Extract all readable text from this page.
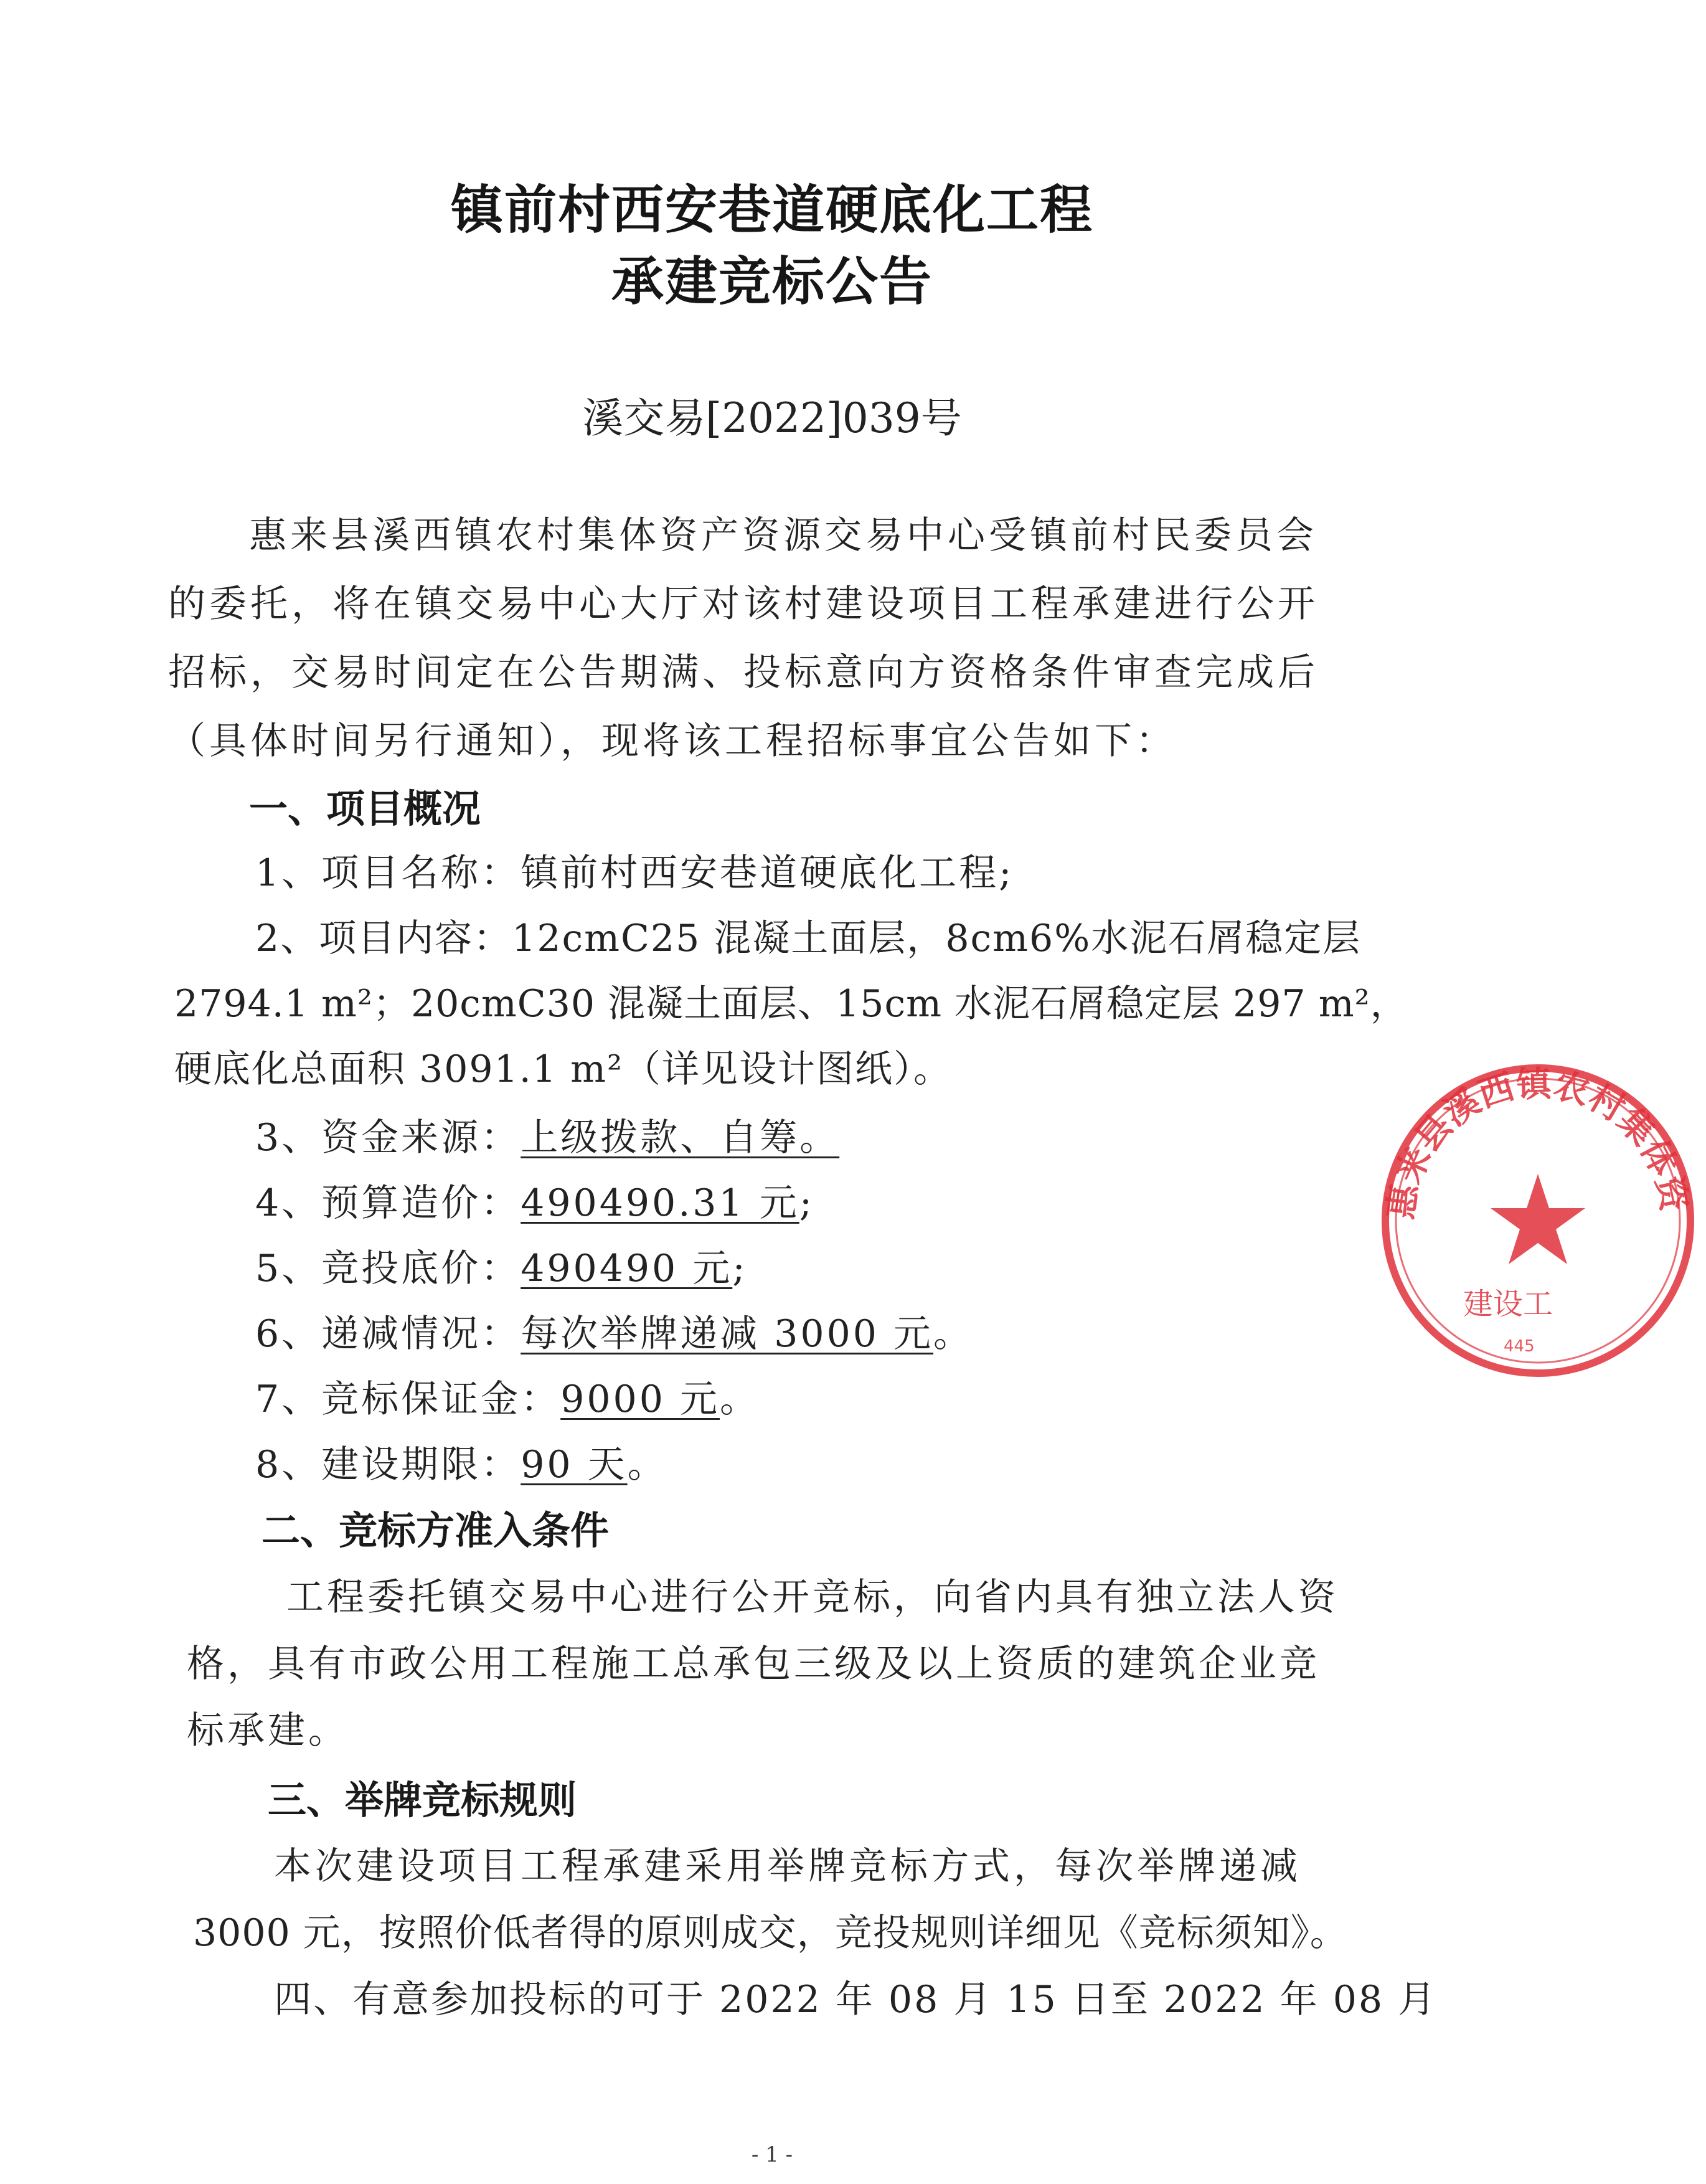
镇前村西安巷道硬底化工程
承建竞标公告
溪交易[2022]039号
惠来县溪西镇农村集体资产资源交易中心受镇前村民委员会
的委托，将在镇交易中心大厅对该村建设项目工程承建进行公开
招标，交易时间定在公告期满、投标意向方资格条件审查完成后
（具体时间另行通知），现将该工程招标事宜公告如下：
一、项目概况
1、项目名称：镇前村西安巷道硬底化工程;
2、项目内容：12cmC25 混凝土面层，8cm6%水泥石屑稳定层
2794.1 m²；20cmC30 混凝土面层、15cm 水泥石屑稳定层 297 m²，
硬底化总面积 3091.1 m²（详见设计图纸）。
3、资金来源：上级拨款、自筹。
4、预算造价：490490.31 元;
5、竞投底价：490490 元;
6、递减情况：每次举牌递减 3000 元。
7、竞标保证金：9000 元。
8、建设期限：90 天。
二、竞标方准入条件
工程委托镇交易中心进行公开竞标，向省内具有独立法人资
格，具有市政公用工程施工总承包三级及以上资质的建筑企业竞
标承建。
三、举牌竞标规则
本次建设项目工程承建采用举牌竞标方式，每次举牌递减
3000 元，按照价低者得的原则成交，竞投规则详细见《竞标须知》。
四、有意参加投标的可于 2022 年 08 月 15 日至 2022 年 08 月
惠来县溪西镇农村集体资
建设工
445
- 1 -
